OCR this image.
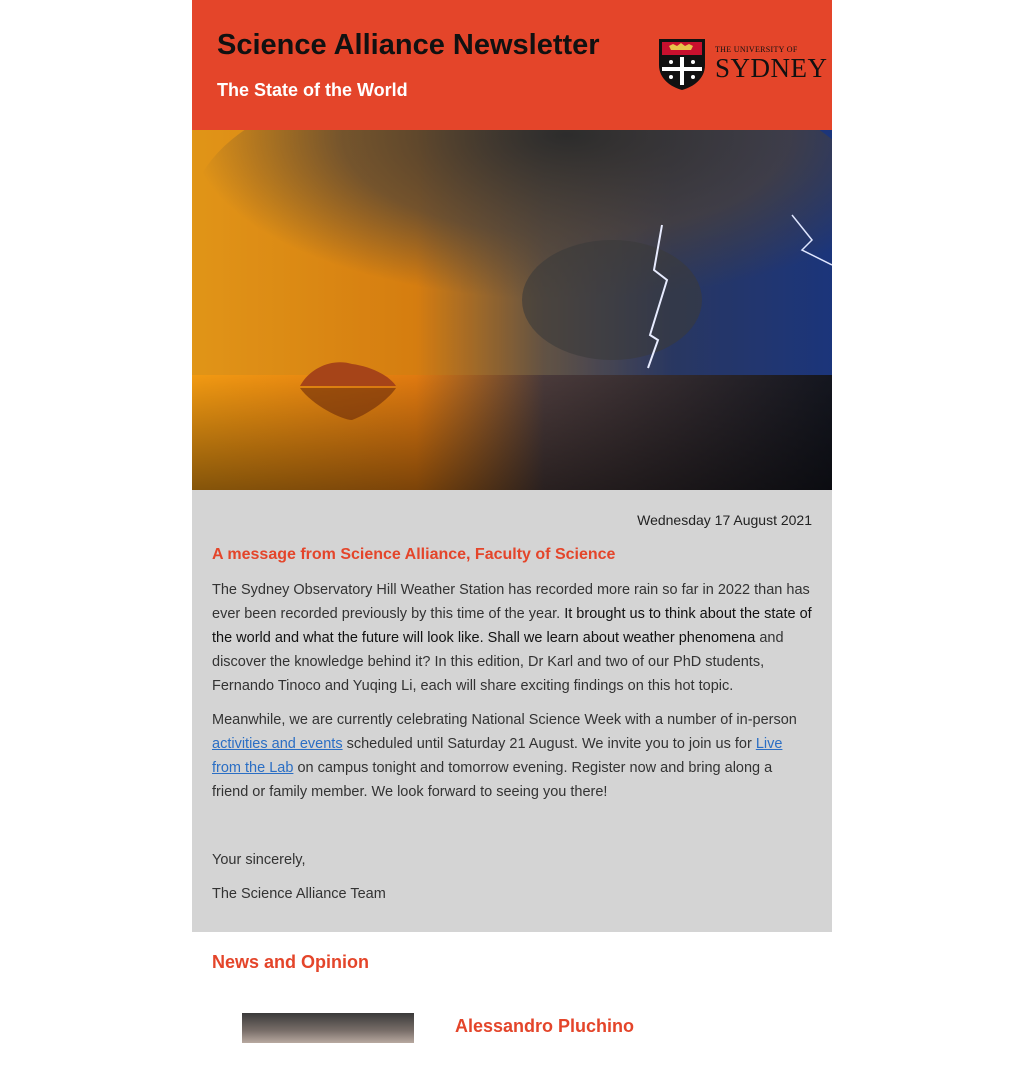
Science Alliance Newsletter

The State of the World

THE UNIVERSITY OF
SYDNEY

Wednesday 17 August 2021

A message from Science Alliance, Faculty of Science

The Sydney Observatory Hill Weather Station has recorded more rain so far in 2022 than has ever been recorded previously by this time of the year. It brought us to think about the state of the world and what the future will look like. Shall we learn about weather phenomena and discover the knowledge behind it? In this edition, Dr Karl and two of our PhD students, Fernando Tinoco and Yuqing Li, each will share exciting findings on this hot topic.

Meanwhile, we are currently celebrating National Science Week with a number of in-person activities and events scheduled until Saturday 21 August. We invite you to join us for Live from the Lab on campus tonight and tomorrow evening. Register now and bring along a friend or family member. We look forward to seeing you there!

Your sincerely,

The Science Alliance Team

News and Opinion

Alessandro Pluchino
